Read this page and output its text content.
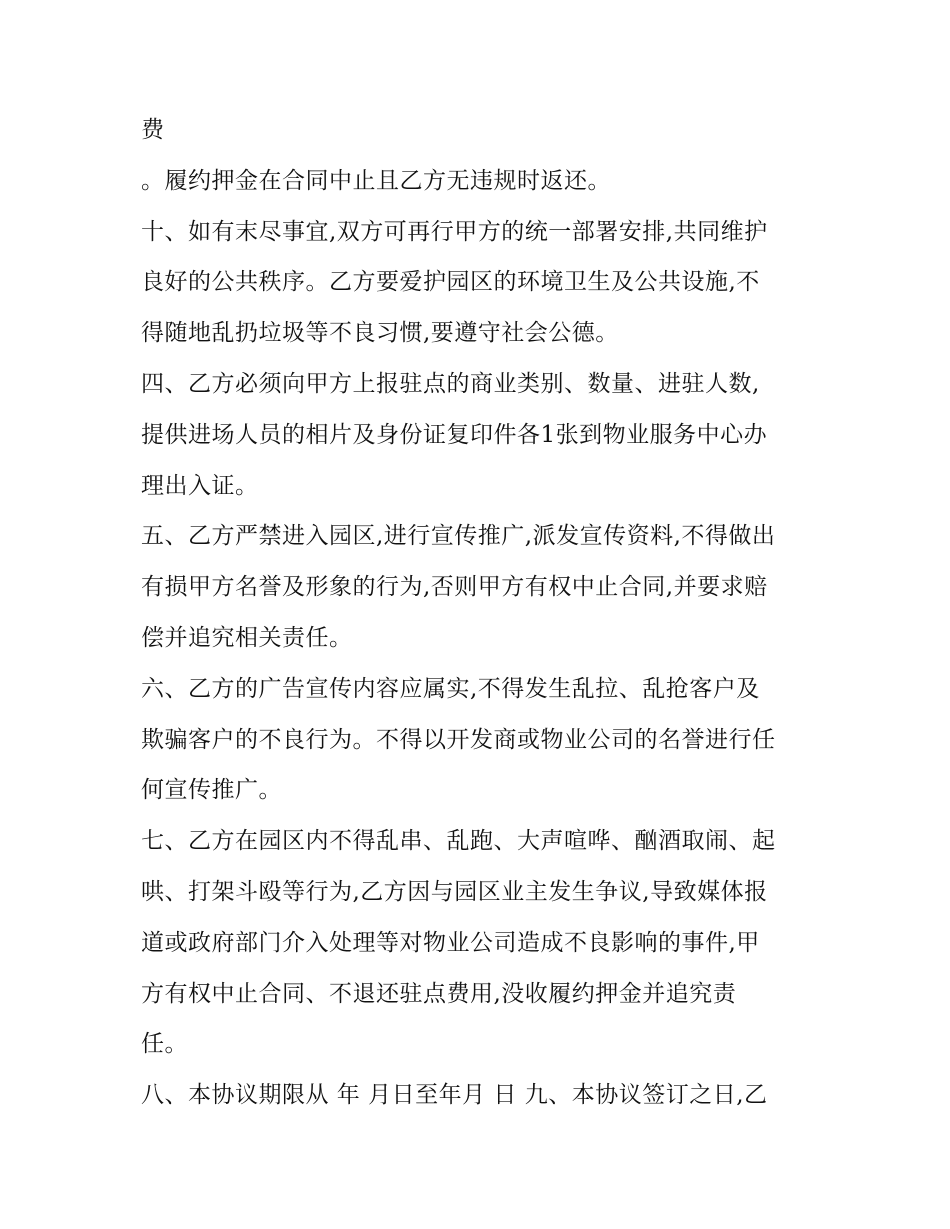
费
。履约押金在合同中止且乙方无违规时返还。
十、如有末尽事宜,双方可再行甲方的统一部署安排,共同维护
良好的公共秩序。乙方要爱护园区的环境卫生及公共设施,不
得随地乱扔垃圾等不良习惯,要遵守社会公德。
四、乙方必须向甲方上报驻点的商业类别、数量、进驻人数,
提供进场人员的相片及身份证复印件各1张到物业服务中心办
理出入证。
五、乙方严禁进入园区,进行宣传推广,派发宣传资料,不得做出
有损甲方名誉及形象的行为,否则甲方有权中止合同,并要求赔
偿并追究相关责任。
六、乙方的广告宣传内容应属实,不得发生乱拉、乱抢客户及
欺骗客户的不良行为。不得以开发商或物业公司的名誉进行任
何宣传推广。
七、乙方在园区内不得乱串、乱跑、大声喧哗、酗酒取闹、起
哄、打架斗殴等行为,乙方因与园区业主发生争议,导致媒体报
道或政府部门介入处理等对物业公司造成不良影响的事件,甲
方有权中止合同、不退还驻点费用,没收履约押金并追究责
任。
八、本协议期限从 年 月日至年月 日 九、本协议签订之日,乙
